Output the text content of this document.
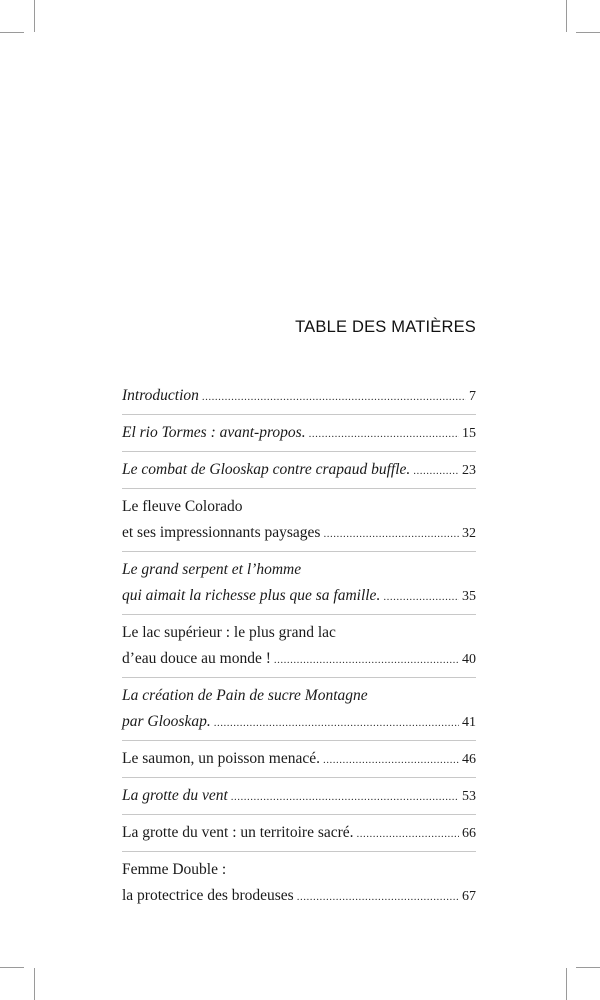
TABLE DES MATIÈRES
Introduction .....	7
El rio Tormes : avant-propos. .....	15
Le combat de Glooskap contre crapaud buffle. .....	23
Le fleuve Colorado
et ses impressionnants paysages .....	32
Le grand serpent et l’homme
qui aimait la richesse plus que sa famille. .....	35
Le lac supérieur : le plus grand lac
d’eau douce au monde ! .....	40
La création de Pain de sucre Montagne
par Glooskap. .....	41
Le saumon, un poisson menacé. .....	46
La grotte du vent .....	53
La grotte du vent : un territoire sacré. .....	66
Femme Double :
la protectrice des brodeuses .....	67
